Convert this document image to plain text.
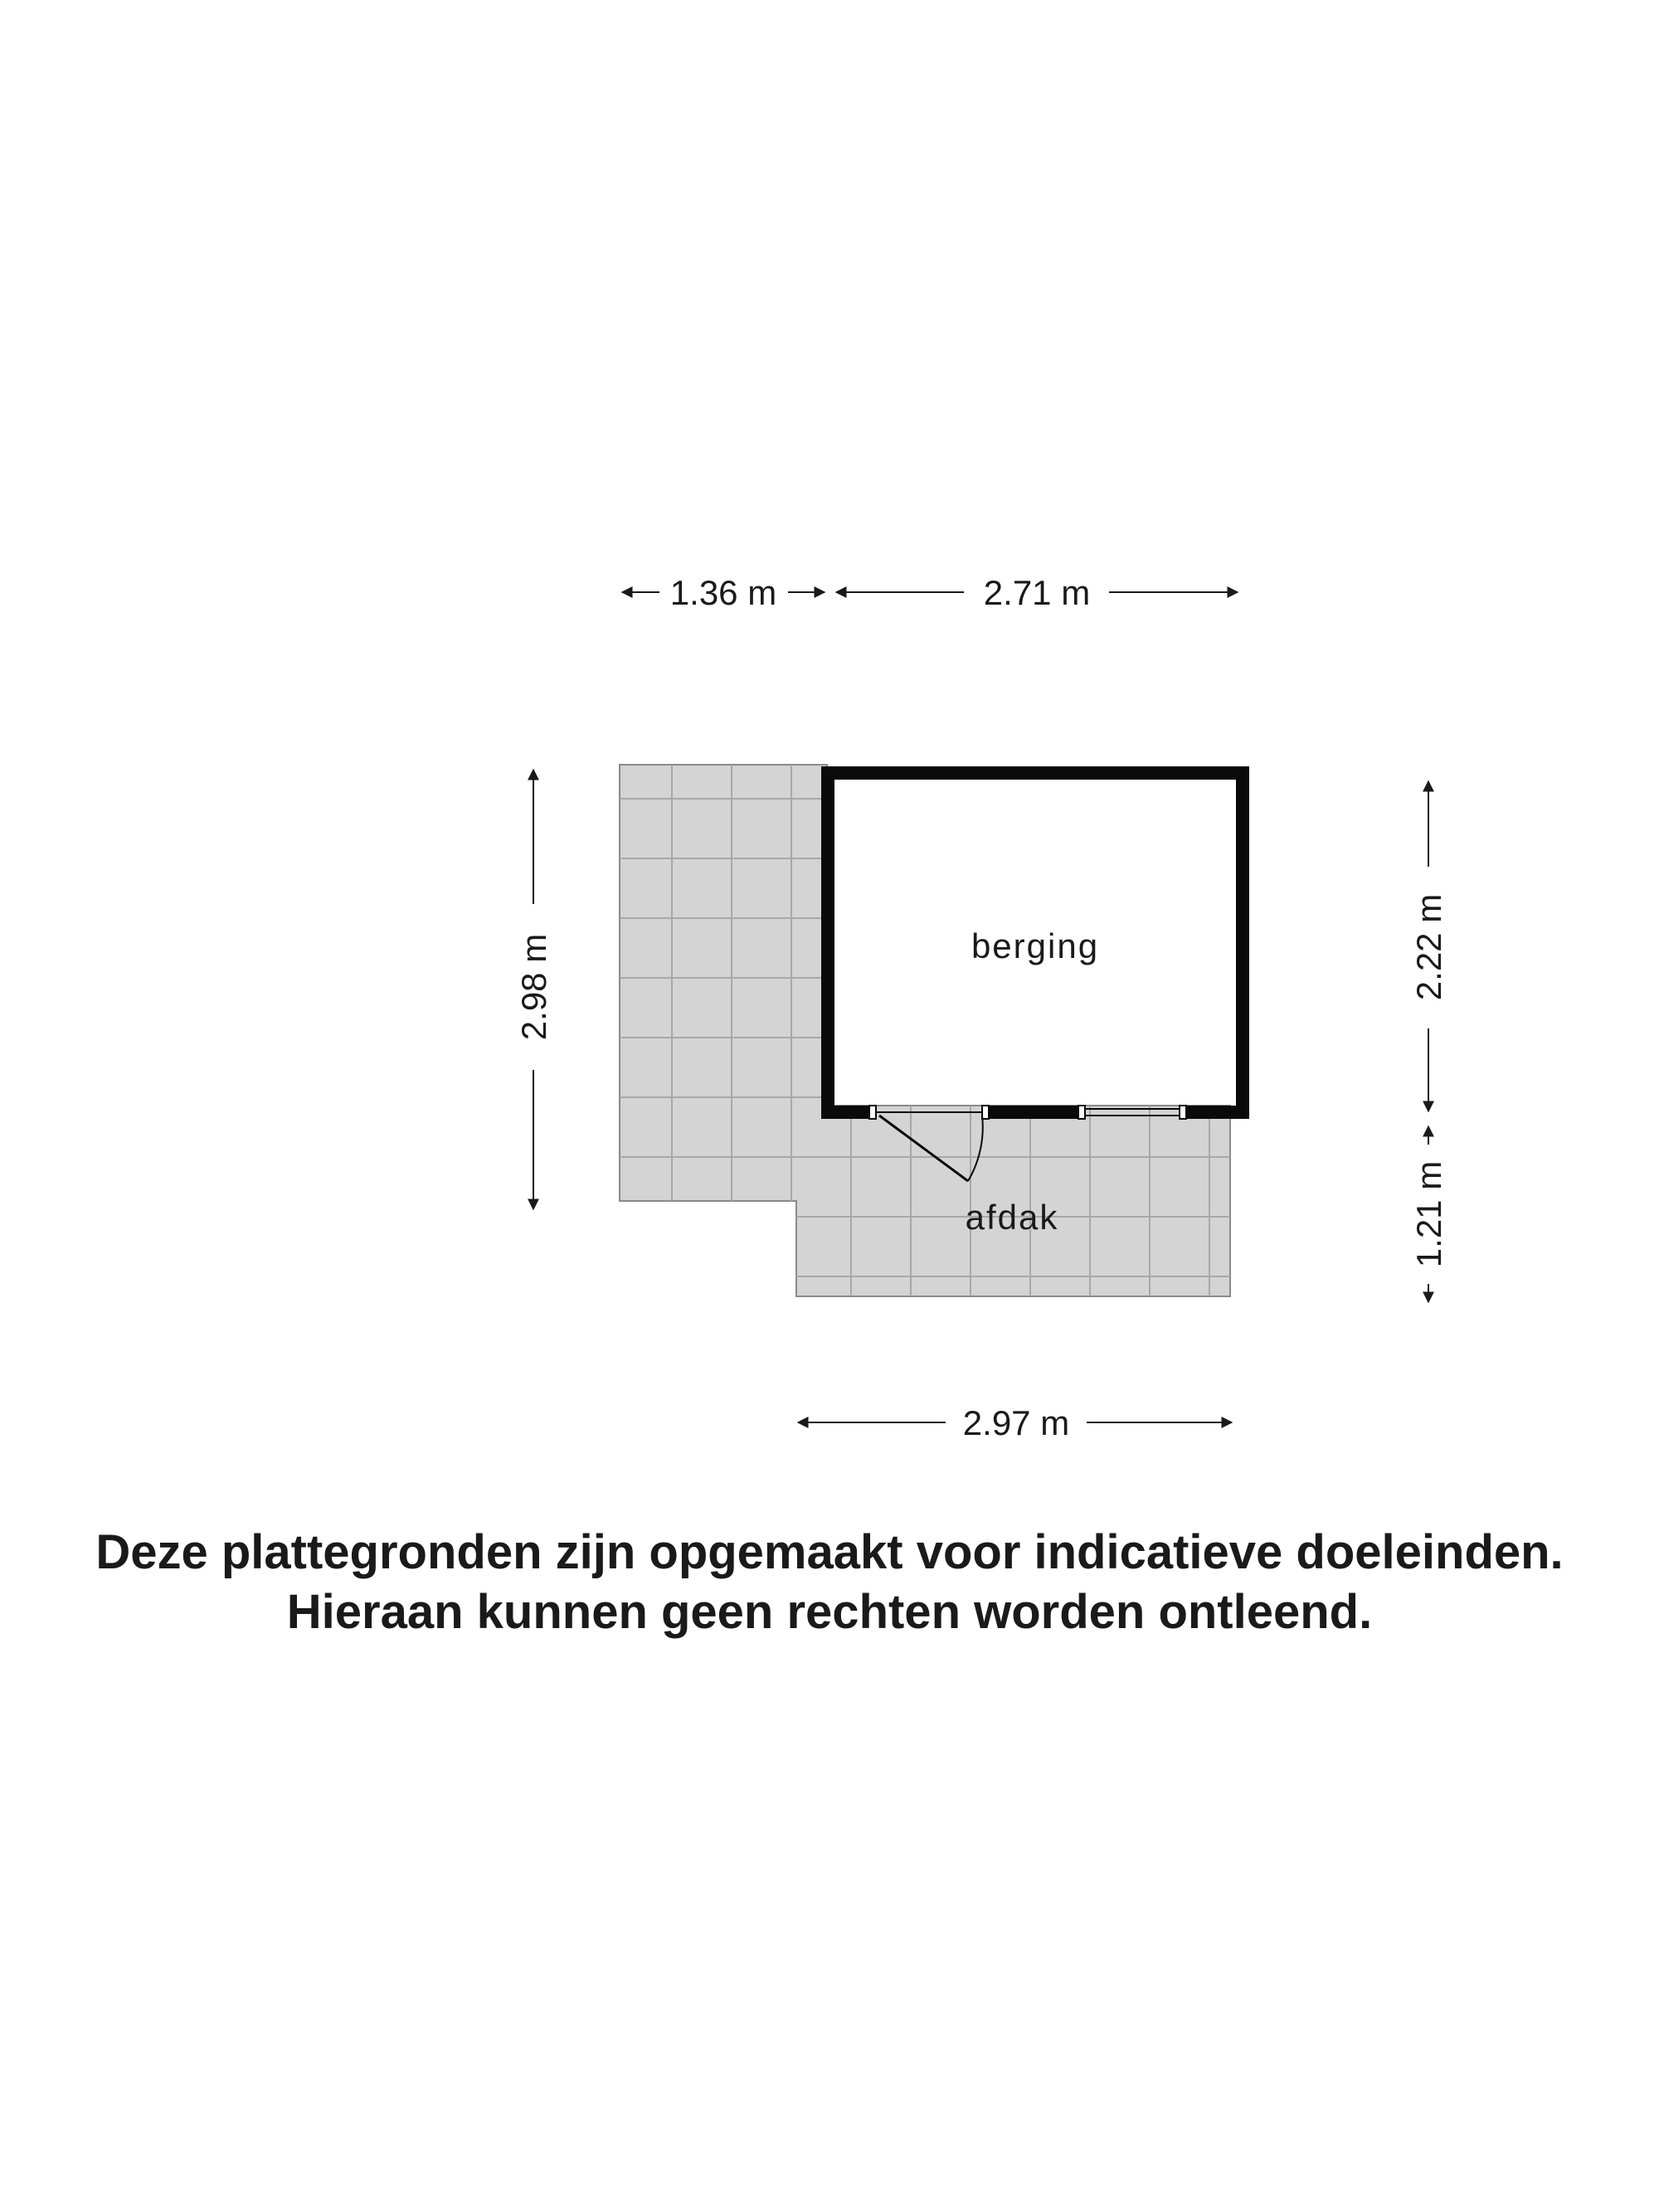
berging
afdak
1.36 m	2.71 m
2.98 m	2.22 m
1.21 m
2.97 m
Deze plattegronden zijn opgemaakt voor indicatieve doeleinden.
Hieraan kunnen geen rechten worden ontleend.
